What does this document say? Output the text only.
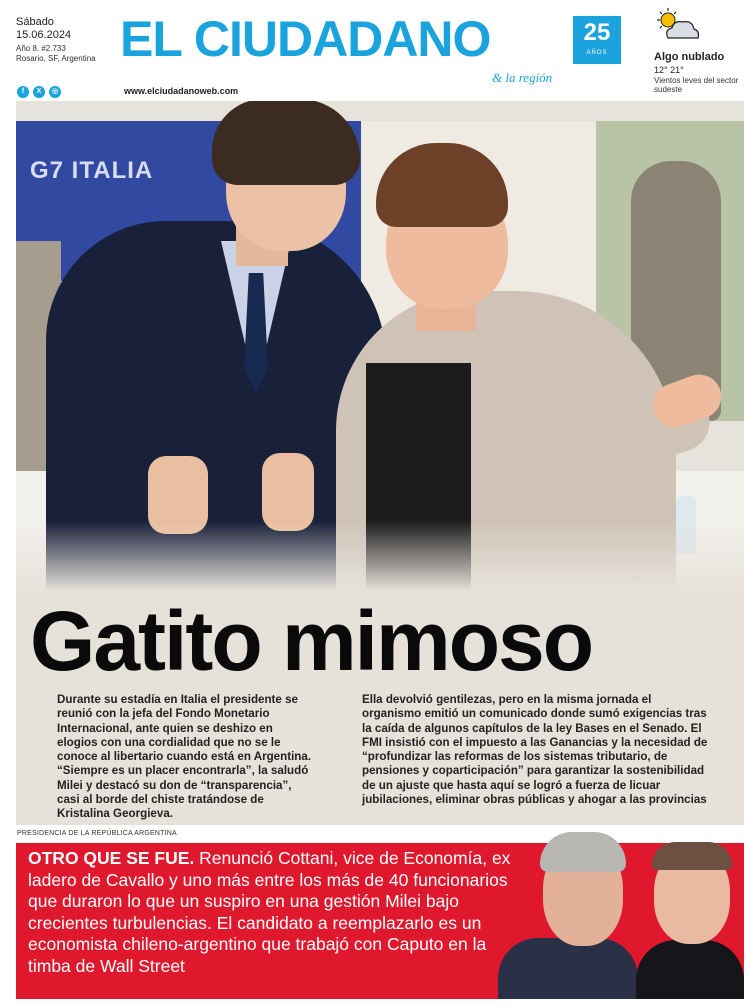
Sábado
15.06.2024
Año 8. #2.733
Rosario, SF, Argentina
f	X	◎
EL CIUDADANO	25
AÑOS
& la región
www.elciudadanoweb.com
Algo nublado
12° 21°
Vientos leves del sector sudeste
G7 ITALIA
Gatito mimoso

Durante su estadía en Italia el presidente se reunió con la jefa del Fondo Monetario Internacional, ante quien se deshizo en elogios con una cordialidad que no se le conoce al libertario cuando está en Argentina. “Siempre es un placer encontrarla”, la saludó Milei y destacó su don de “transparencia”, casi al borde del chiste tratándose de Kristalina Georgieva.

Ella devolvió gentilezas, pero en la misma jornada el organismo emitió un comunicado donde sumó exigencias tras la caída de algunos capítulos de la ley Bases en el Senado. El FMI insistió con el impuesto a las Ganancias y la necesidad de “profundizar las reformas de los sistemas tributario, de pensiones y coparticipación” para garantizar la sostenibilidad de un ajuste que hasta aquí se logró a fuerza de licuar jubilaciones, eliminar obras públicas y ahogar a las provincias

PRESIDENCIA DE LA REPÚBLICA ARGENTINA

OTRO QUE SE FUE. Renunció Cottani, vice de Economía, ex ladero de Cavallo y uno más entre los más de 40 funcionarios que duraron lo que un suspiro en una gestión Milei bajo crecientes turbulencias. El candidato a reemplazarlo es un economista chileno-argentino que trabajó con Caputo en la timba de Wall Street
